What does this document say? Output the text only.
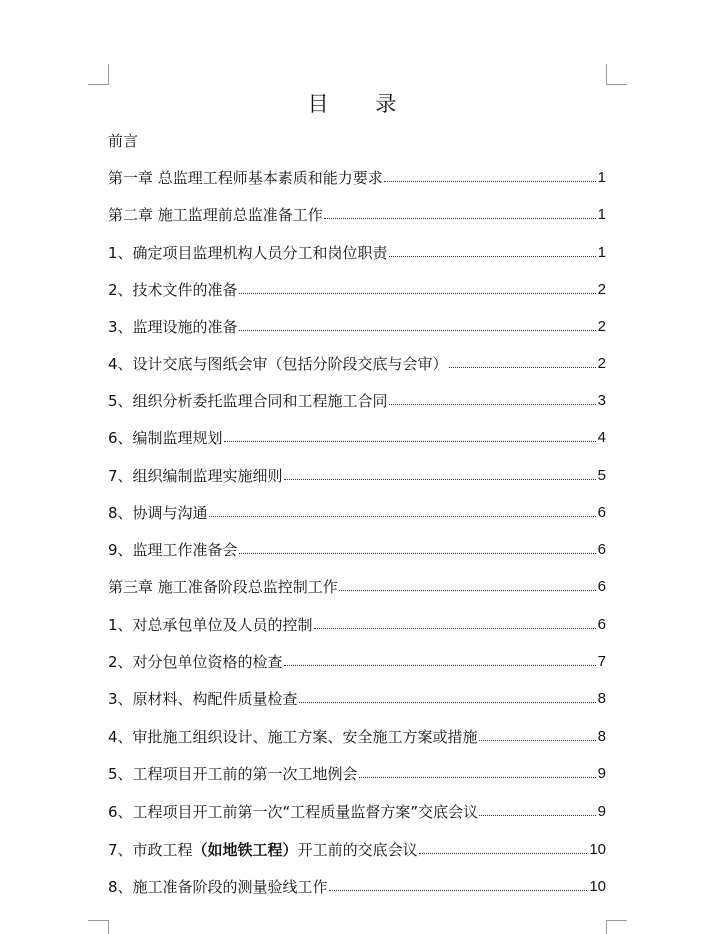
目 录
前言
第一章 总监理工程师基本素质和能力要求	1
第二章 施工监理前总监准备工作	1
1、确定项目监理机构人员分工和岗位职责	1
2、技术文件的准备	2
3、监理设施的准备	2
4、设计交底与图纸会审（包括分阶段交底与会审）	2
5、组织分析委托监理合同和工程施工合同	3
6、编制监理规划	4
7、组织编制监理实施细则	5
8、协调与沟通	6
9、监理工作准备会	6
第三章 施工准备阶段总监控制工作	6
1、对总承包单位及人员的控制	6
2、对分包单位资格的检查	7
3、原材料、构配件质量检查	8
4、审批施工组织设计、施工方案、安全施工方案或措施	8
5、工程项目开工前的第一次工地例会	9
6、工程项目开工前第一次“工程质量监督方案”交底会议	9
7、市政工程（如地铁工程）开工前的交底会议	10
8、施工准备阶段的测量验线工作	10
